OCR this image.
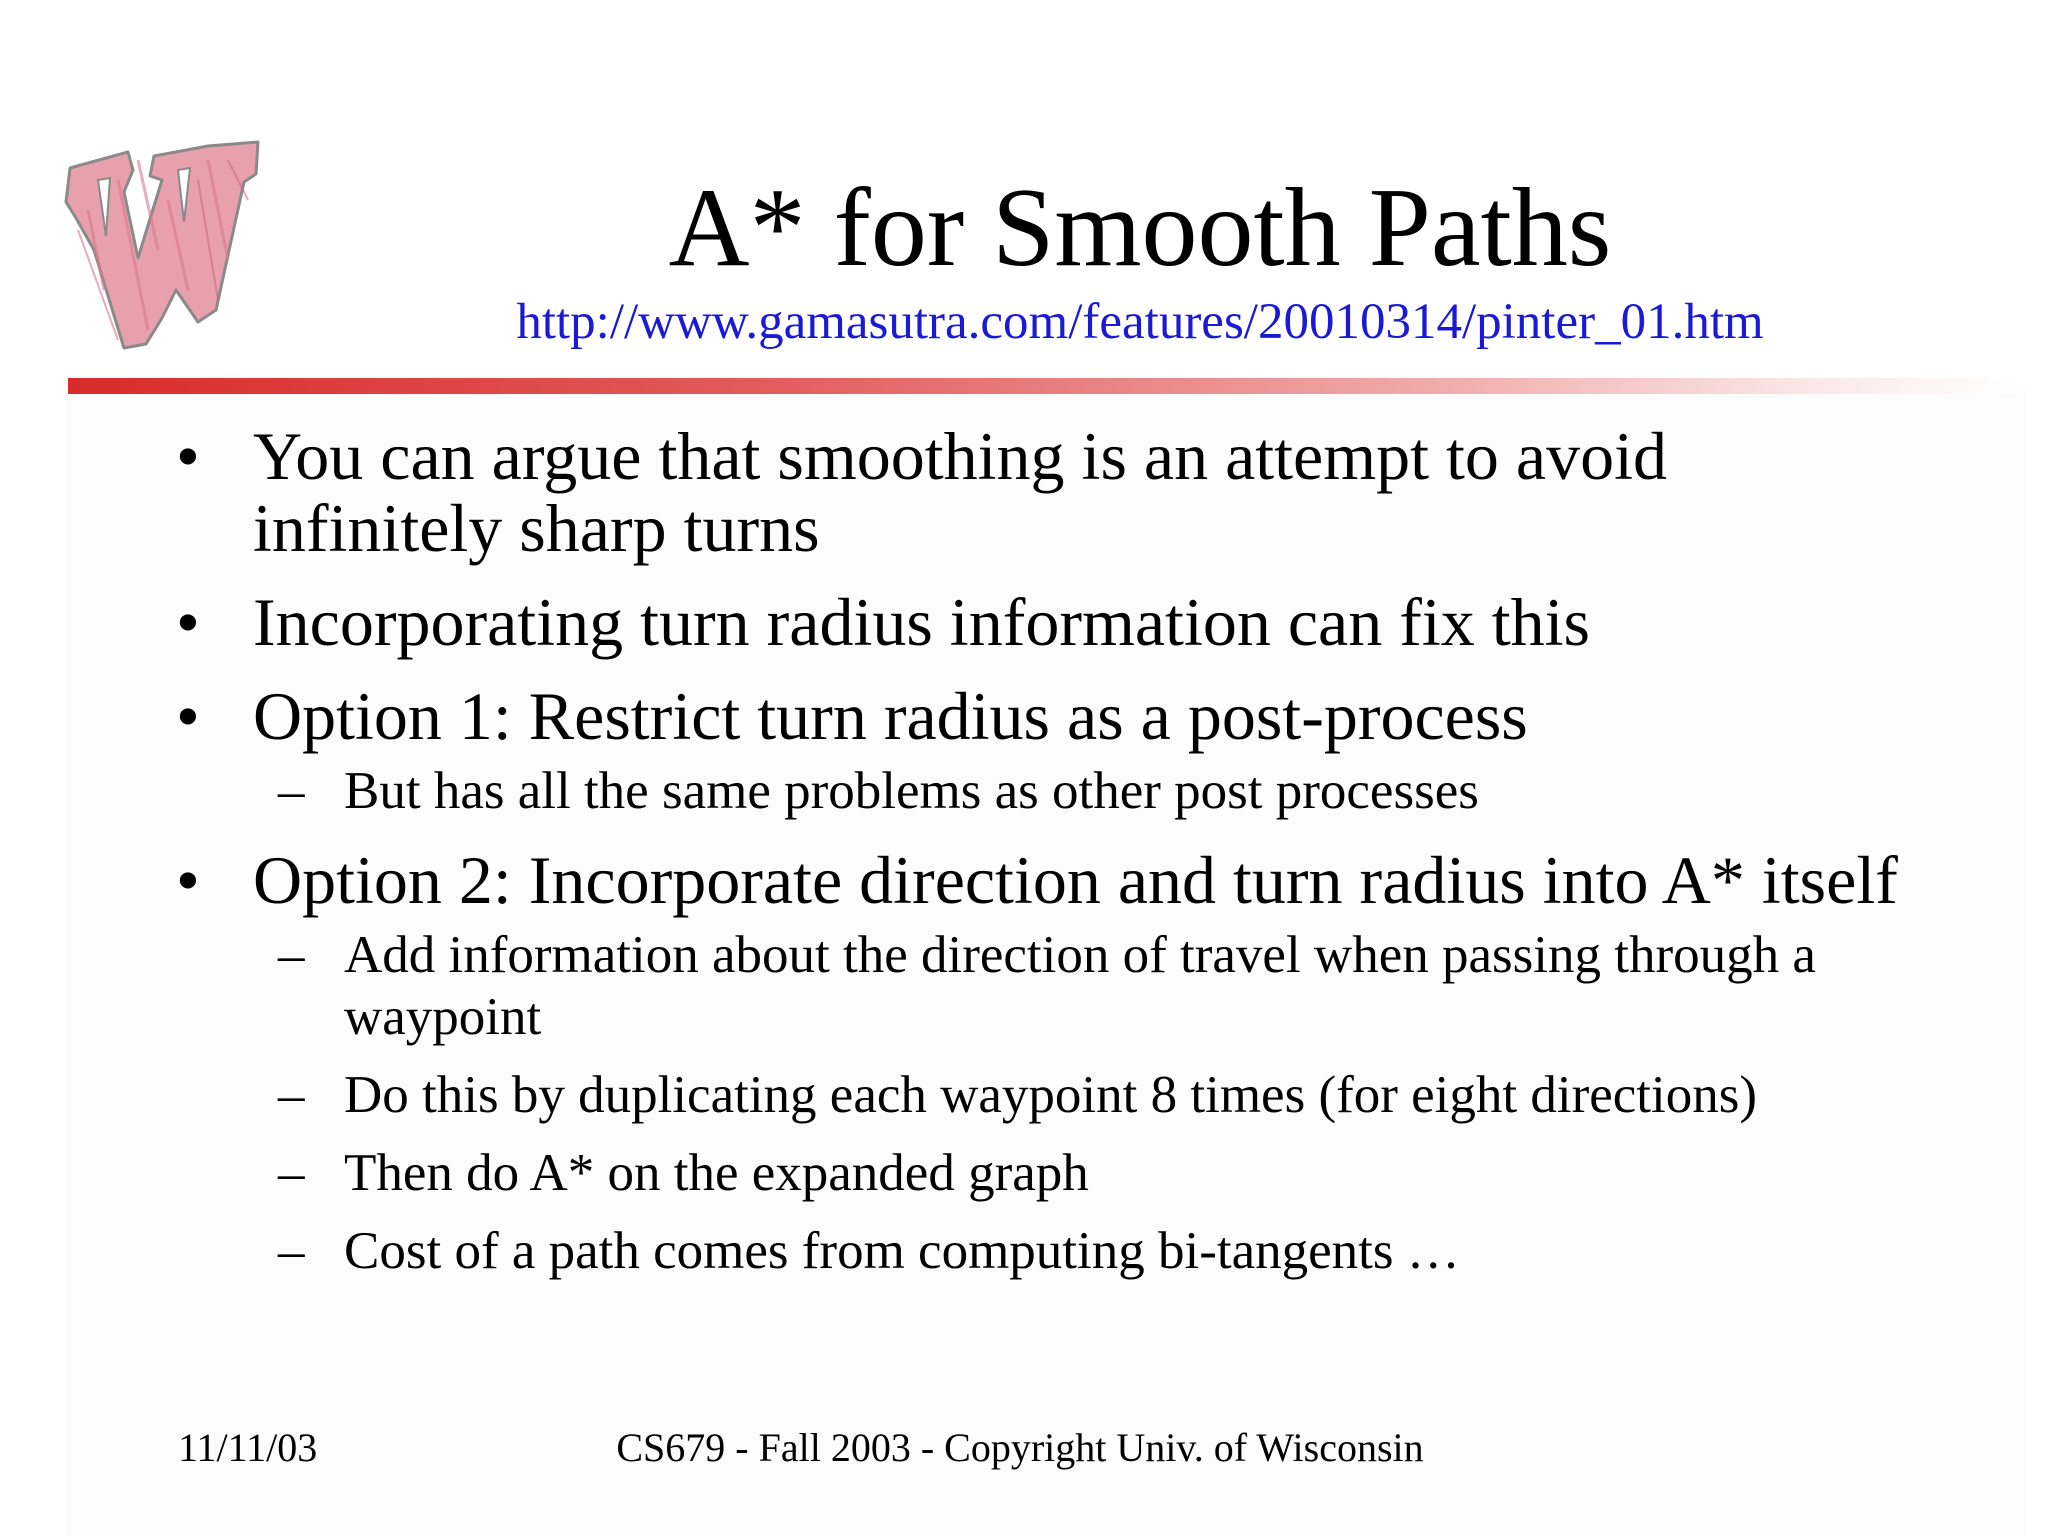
A* for Smooth Paths
http://www.gamasutra.com/features/20010314/pinter_01.htm
• You can argue that smoothing is an attempt to avoid infinitely sharp turns
• Incorporating turn radius information can fix this
• Option 1: Restrict turn radius as a post-process
– But has all the same problems as other post processes
• Option 2: Incorporate direction and turn radius into A* itself
– Add information about the direction of travel when passing through a waypoint
– Do this by duplicating each waypoint 8 times (for eight directions)
– Then do A* on the expanded graph
– Cost of a path comes from computing bi-tangents …
11/11/03	CS679 - Fall 2003 - Copyright Univ. of Wisconsin
